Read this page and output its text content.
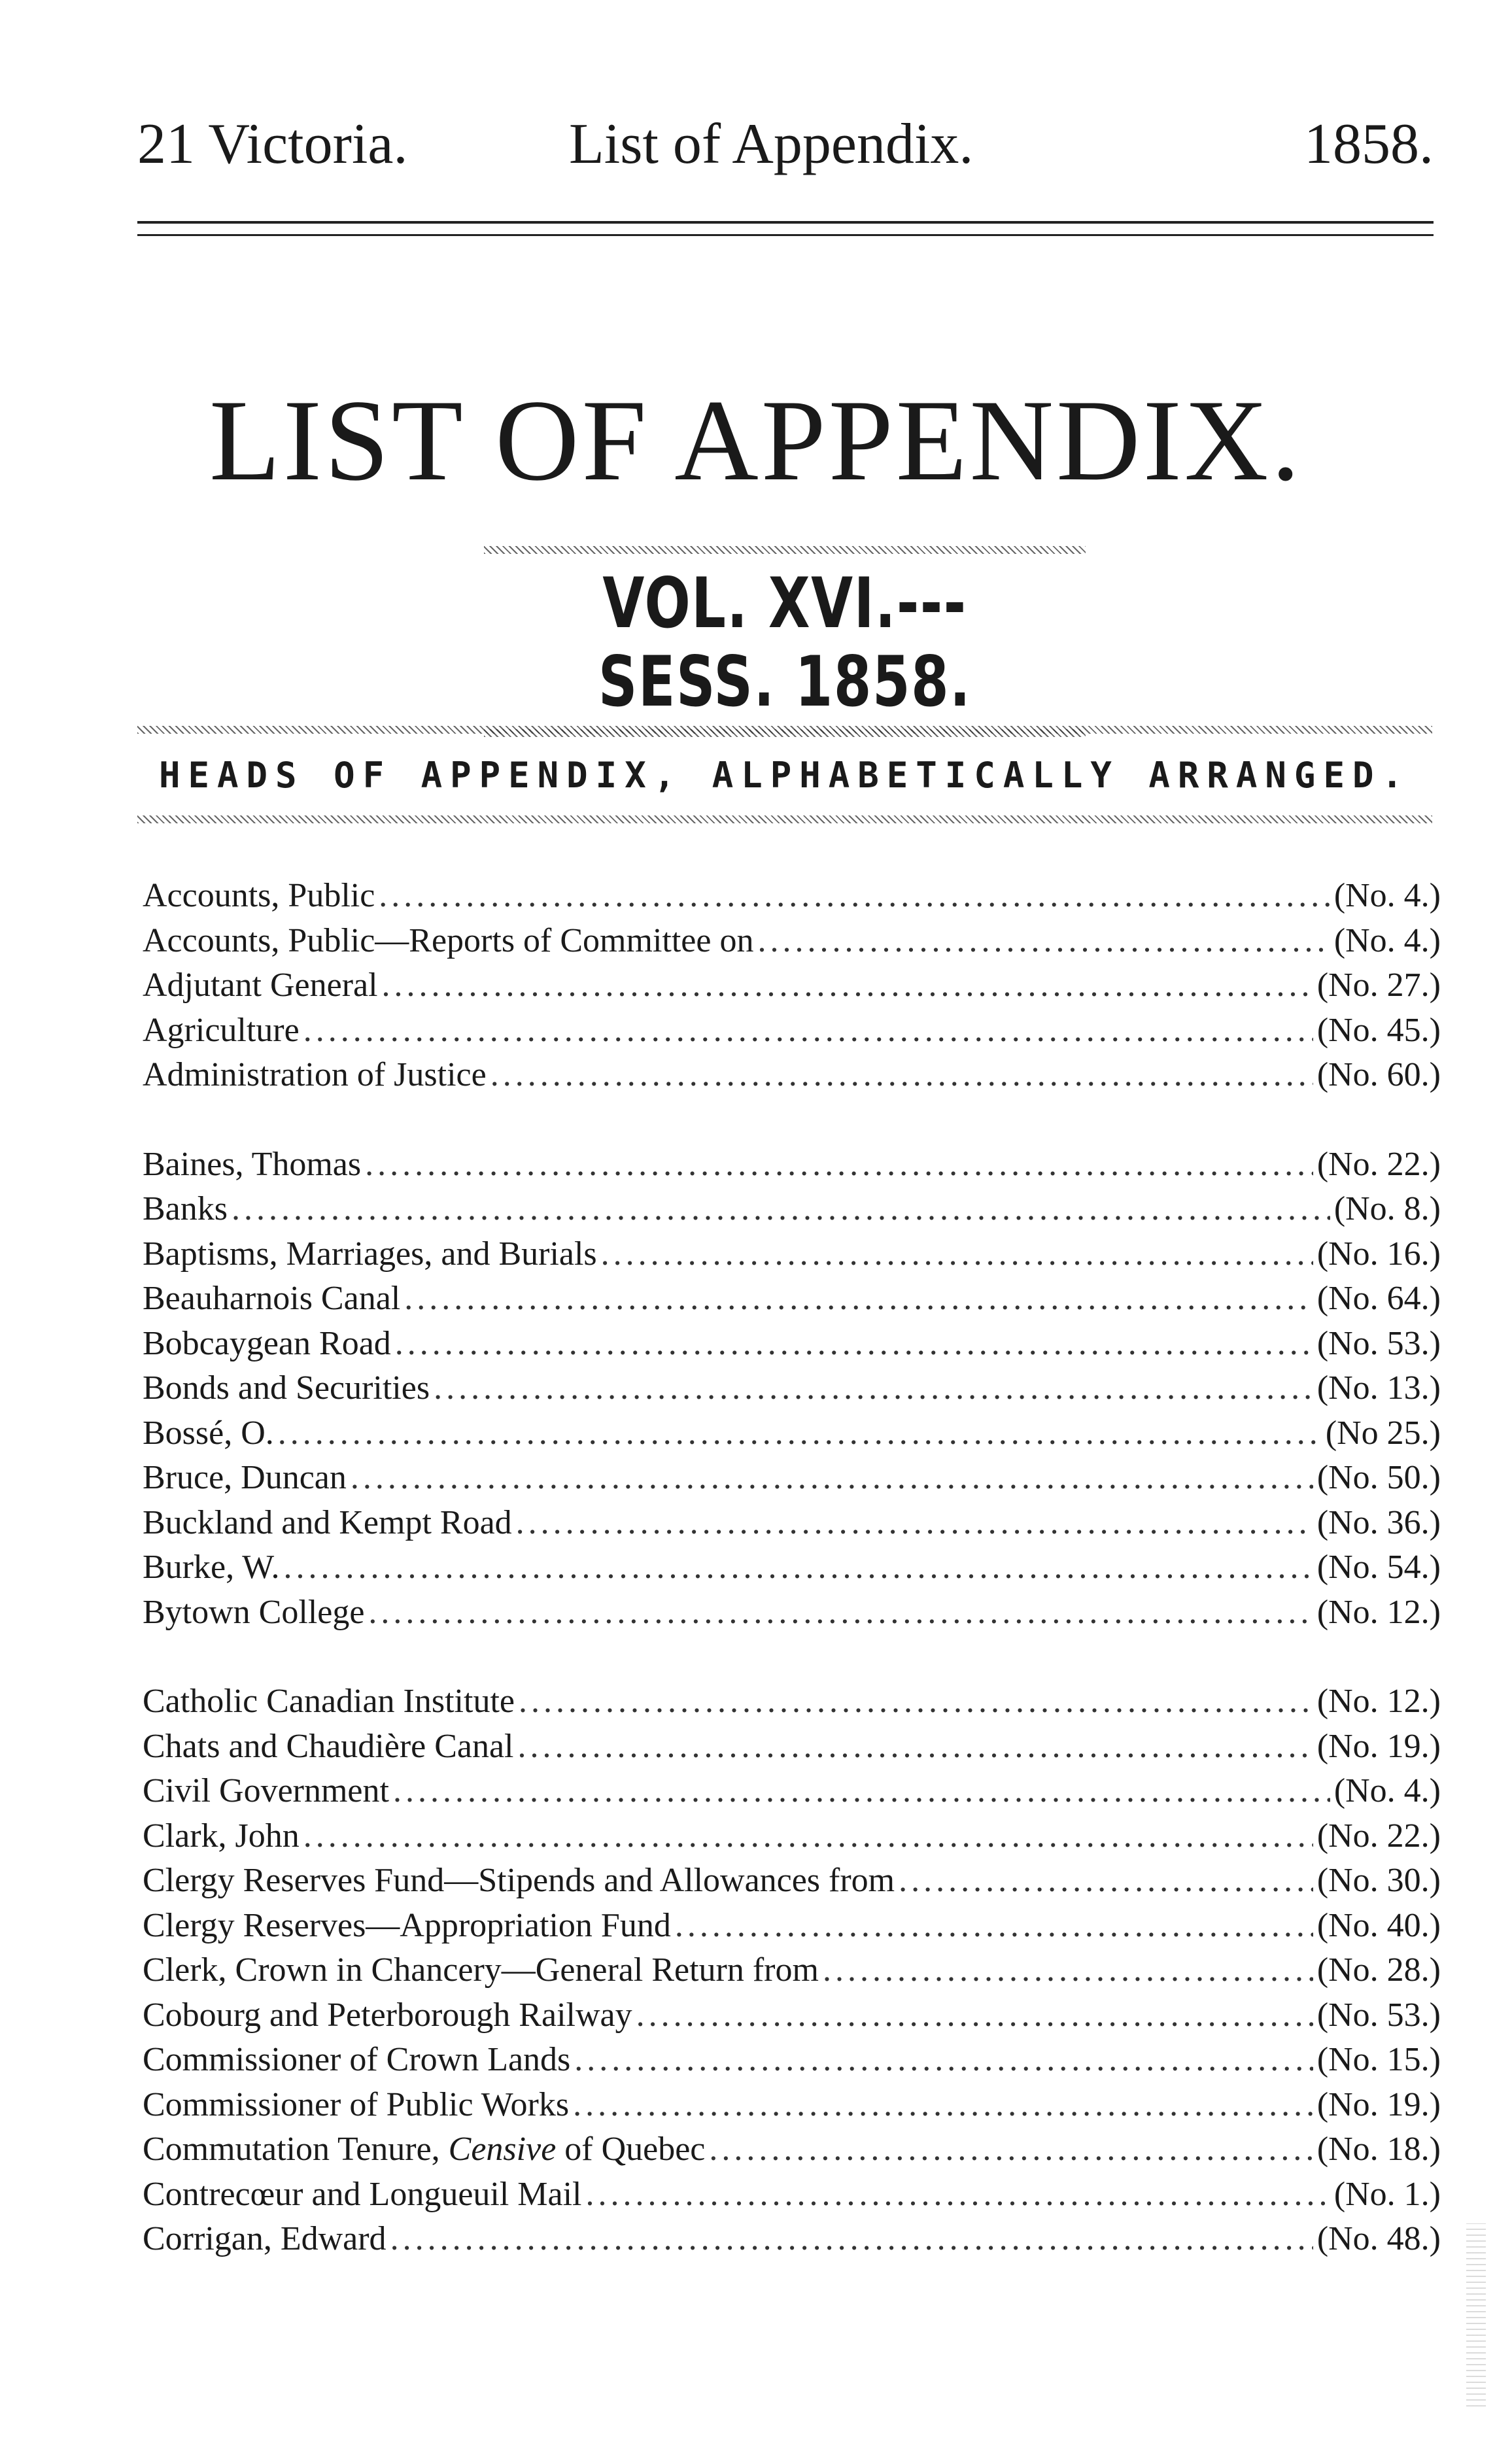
21 Victoria.	List of Appendix.	1858.
LIST OF APPENDIX.
VOL. XVI.---SESS. 1858.
HEADS OF APPENDIX, ALPHABETICALLY ARRANGED.
Accounts, Public .....	(No. 4.)
Accounts, Public—Reports of Committee on .....	(No. 4.)
Adjutant General .....	(No. 27.)
Agriculture .....	(No. 45.)
Administration of Justice .....	(No. 60.)
Baines, Thomas .....	(No. 22.)
Banks .....	(No. 8.)
Baptisms, Marriages, and Burials .....	(No. 16.)
Beauharnois Canal .....	(No. 64.)
Bobcaygean Road .....	(No. 53.)
Bonds and Securities .....	(No. 13.)
Bossé, O. .....	(No 25.)
Bruce, Duncan .....	(No. 50.)
Buckland and Kempt Road .....	(No. 36.)
Burke, W. .....	(No. 54.)
Bytown College .....	(No. 12.)
Catholic Canadian Institute .....	(No. 12.)
Chats and Chaudière Canal .....	(No. 19.)
Civil Government .....	(No. 4.)
Clark, John .....	(No. 22.)
Clergy Reserves Fund—Stipends and Allowances from .....	(No. 30.)
Clergy Reserves—Appropriation Fund .....	(No. 40.)
Clerk, Crown in Chancery—General Return from .....	(No. 28.)
Cobourg and Peterborough Railway .....	(No. 53.)
Commissioner of Crown Lands .....	(No. 15.)
Commissioner of Public Works .....	(No. 19.)
Commutation Tenure, Censive of Quebec .....	(No. 18.)
Contrecœur and Longueuil Mail .....	(No. 1.)
Corrigan, Edward .....	(No. 48.)
